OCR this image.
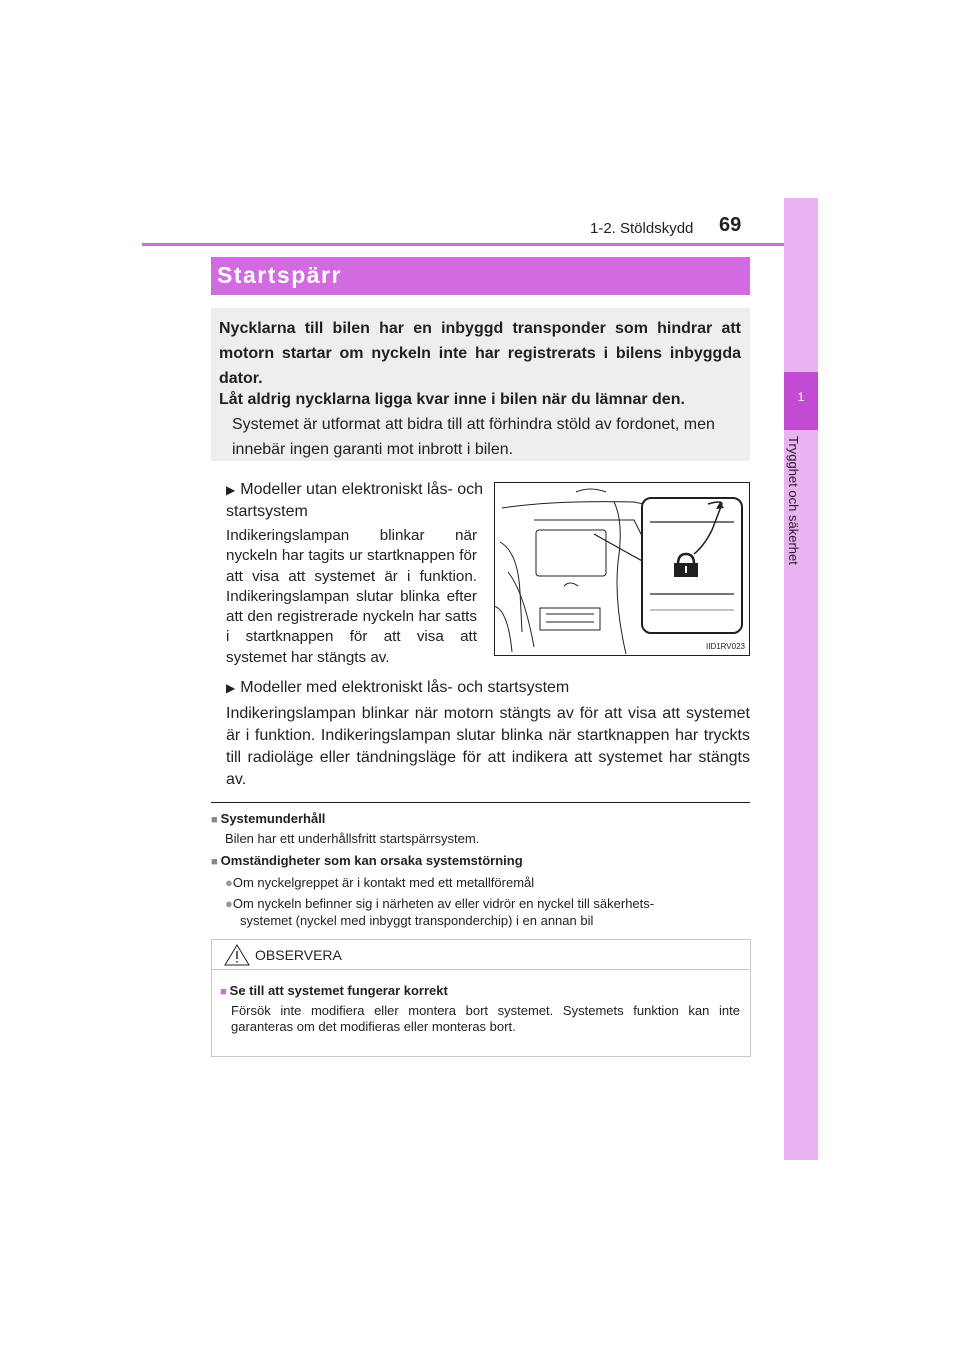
1-2. Stöldskydd 69
1
Trygghet och säkerhet
Startspärr
Nycklarna till bilen har en inbyggd transponder som hindrar att motorn startar om nyckeln inte har registrerats i bilens inbyggda dator.
Låt aldrig nycklarna ligga kvar inne i bilen när du lämnar den.
Systemet är utformat att bidra till att förhindra stöld av fordonet, men innebär ingen garanti mot inbrott i bilen.
▶ Modeller utan elektroniskt lås- och startsystem
Indikeringslampan blinkar när nyckeln har tagits ur startknappen för att visa att systemet är i funktion. Indikeringslampan slutar blinka efter att den registrerade nyckeln har satts i startknappen för att visa att systemet har stängts av.
IID1RV023
▶ Modeller med elektroniskt lås- och startsystem
Indikeringslampan blinkar när motorn stängts av för att visa att systemet är i funktion. Indikeringslampan slutar blinka när startknappen har tryckts till radioläge eller tändningsläge för att indikera att systemet har stängts av.
■ Systemunderhåll
Bilen har ett underhållsfritt startspärrsystem.
■ Omständigheter som kan orsaka systemstörning
●Om nyckelgreppet är i kontakt med ett metallföremål
●Om nyckeln befinner sig i närheten av eller vidrör en nyckel till säkerhets-
systemet (nyckel med inbyggt transponderchip) i en annan bil
OBSERVERA
■ Se till att systemet fungerar korrekt
Försök inte modifiera eller montera bort systemet. Systemets funktion kan inte garanteras om det modifieras eller monteras bort.
